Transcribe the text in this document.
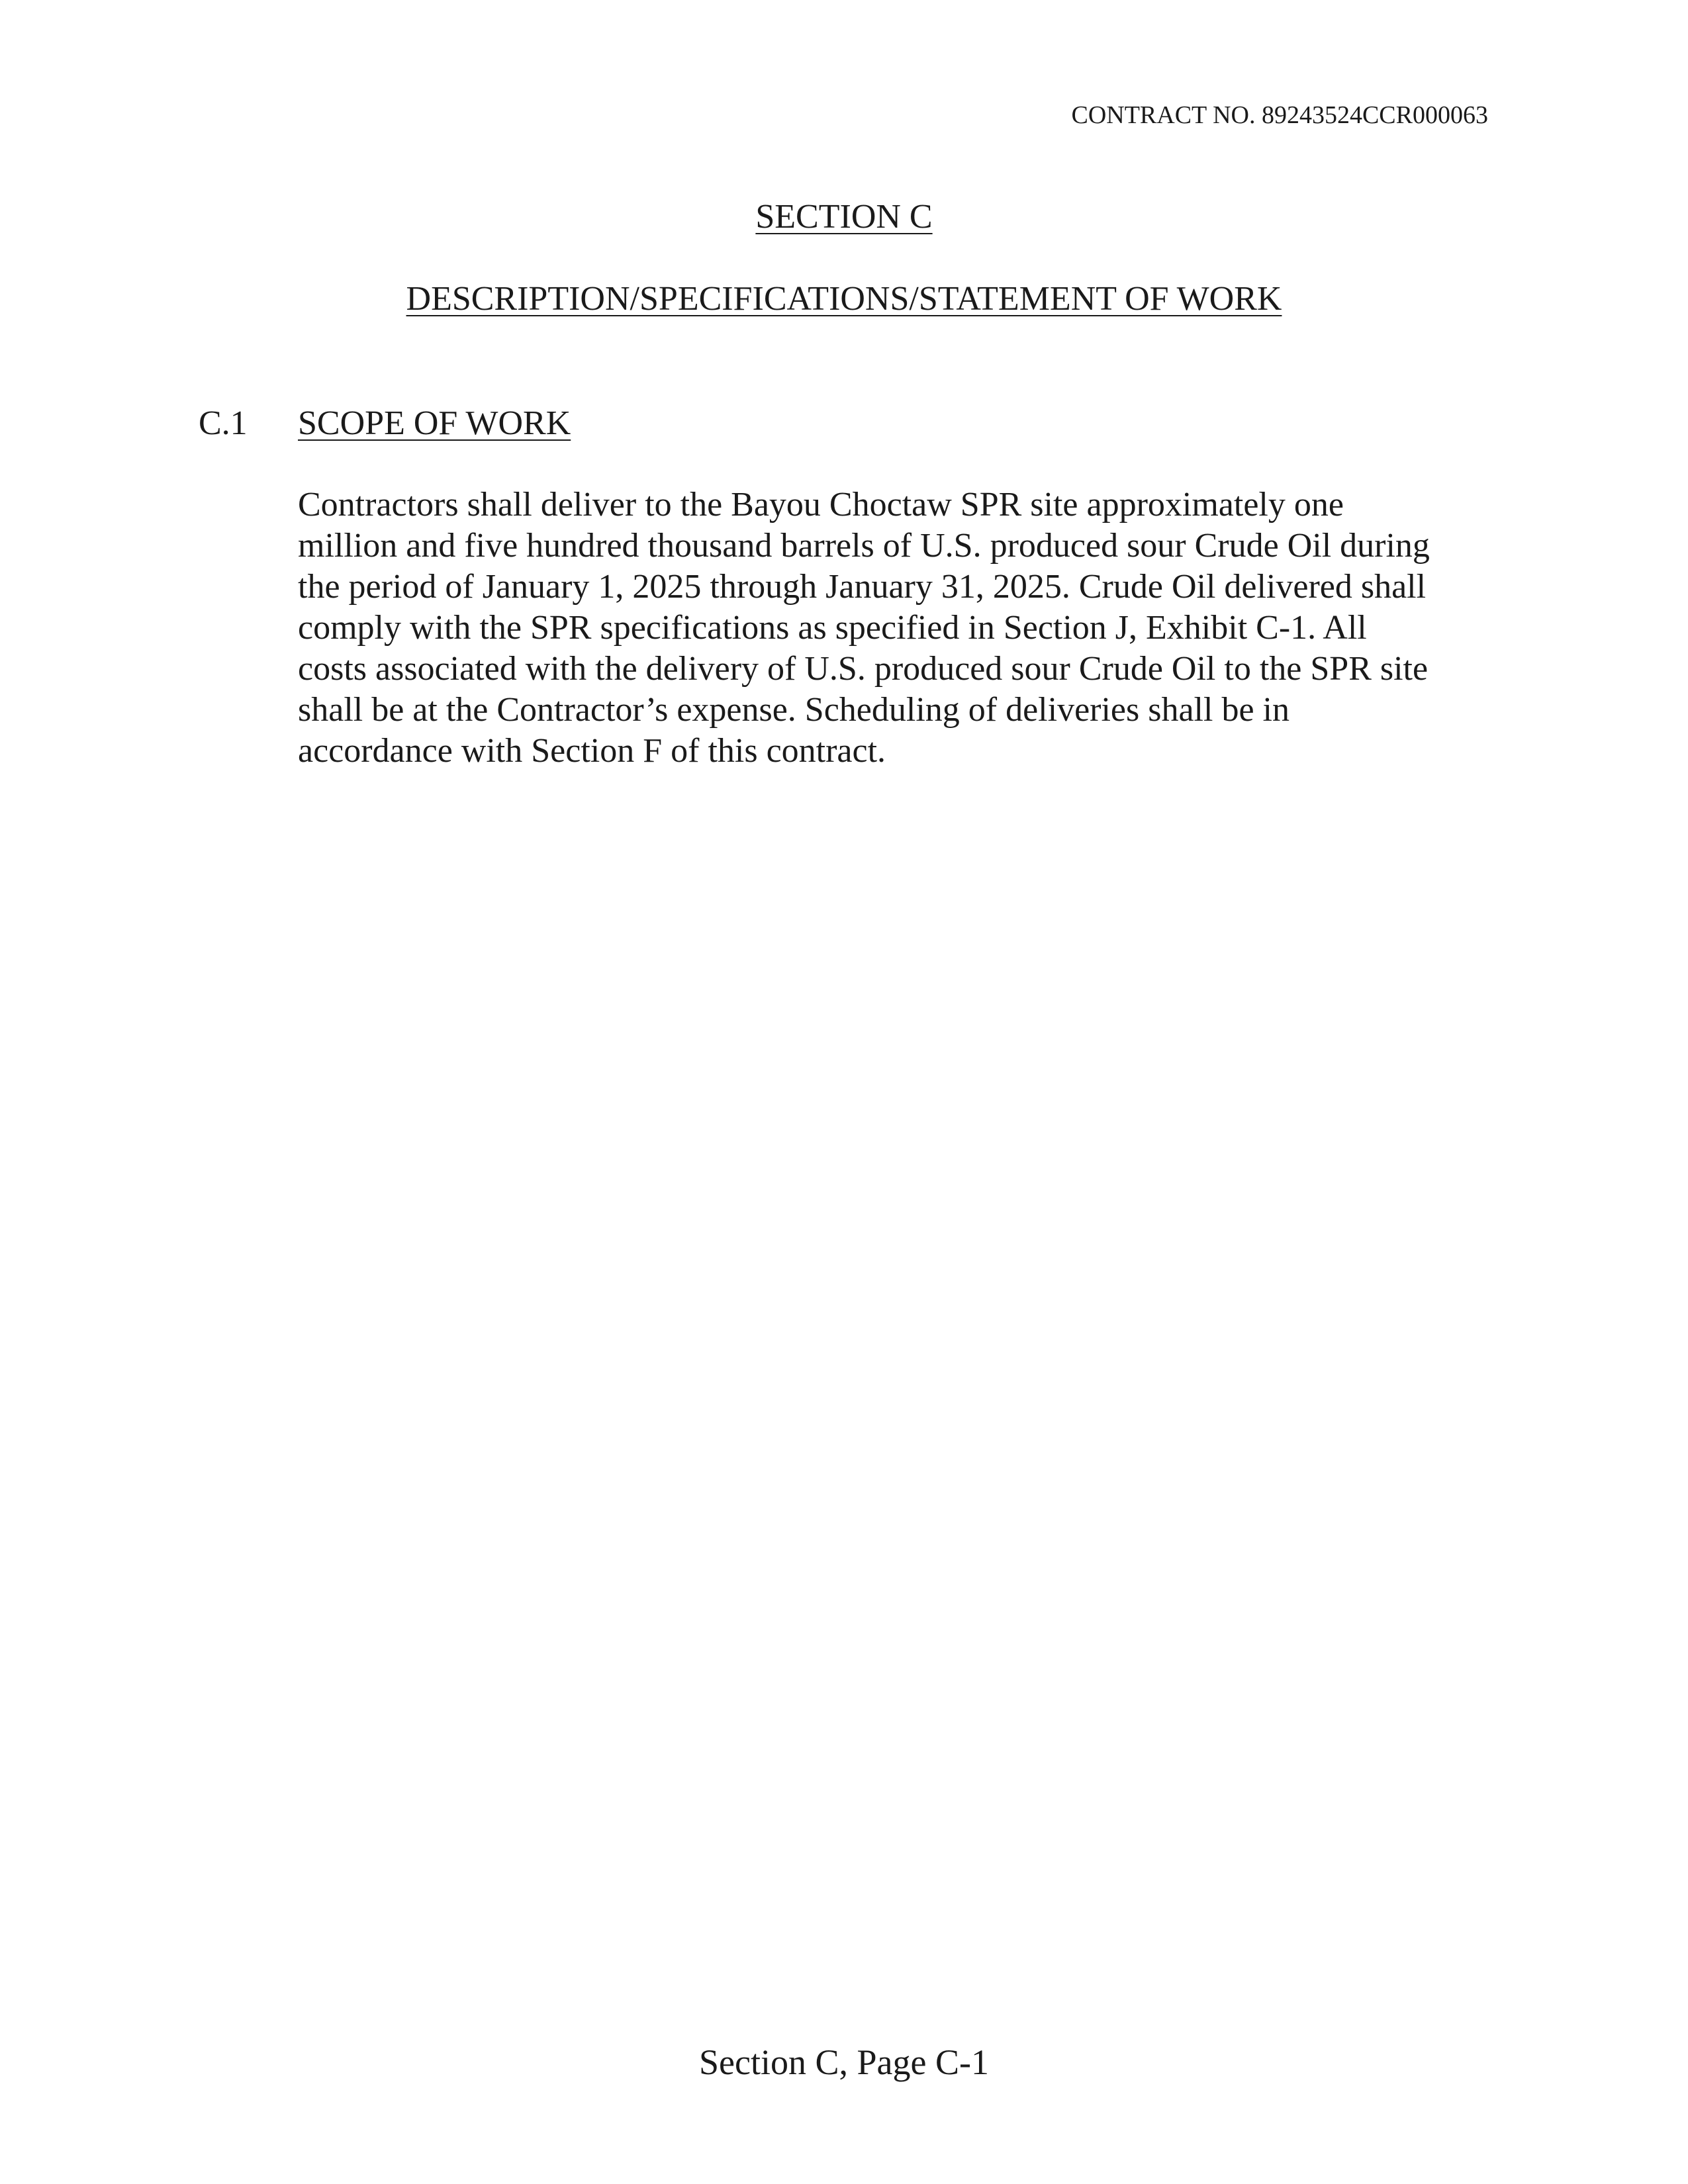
CONTRACT NO. 89243524CCR000063
SECTION C
DESCRIPTION/SPECIFICATIONS/STATEMENT OF WORK
C.1 SCOPE OF WORK

Contractors shall deliver to the Bayou Choctaw SPR site approximately one
million and five hundred thousand barrels of U.S. produced sour Crude Oil during
the period of January 1, 2025 through January 31, 2025. Crude Oil delivered shall
comply with the SPR specifications as specified in Section J, Exhibit C-1. All
costs associated with the delivery of U.S. produced sour Crude Oil to the SPR site
shall be at the Contractor’s expense. Scheduling of deliveries shall be in
accordance with Section F of this contract.

Section C, Page C-1
